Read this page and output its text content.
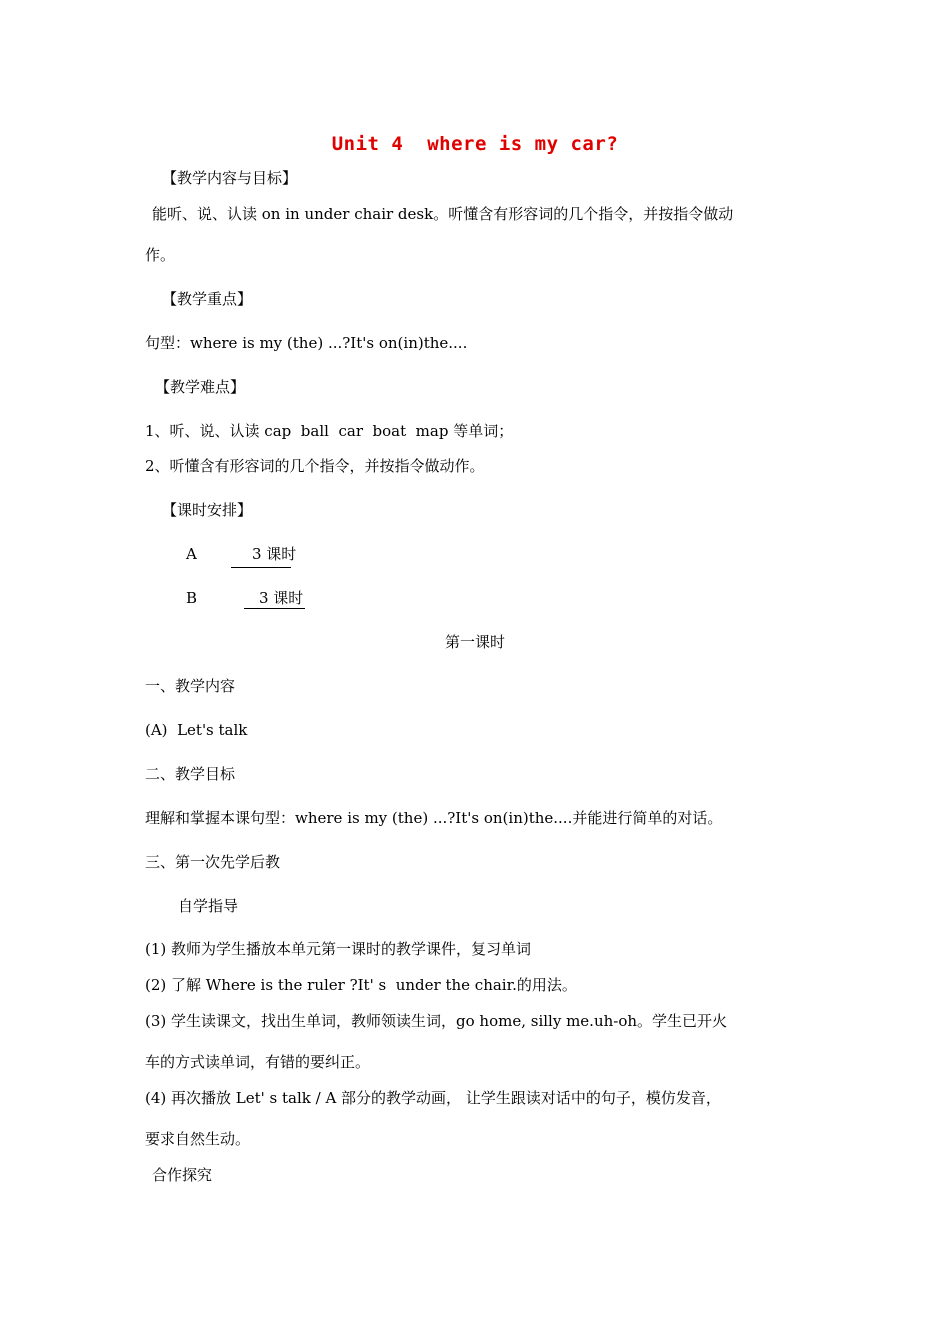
Unit 4  where is my car?
【教学内容与目标】
能听、说、认读 on in under chair desk。听懂含有形容词的几个指令，并按指令做动
作。
【教学重点】
句型：where is my (the) ...?It's on(in)the....
【教学难点】
1、听、说、认读 cap  ball  car  boat  map 等单词；
2、听懂含有形容词的几个指令，并按指令做动作。
【课时安排】
A	3 课时
B	3 课时
第一课时
一、教学内容
(A)  Let's talk
二、教学目标
理解和掌握本课句型：where is my (the) ...?It's on(in)the....并能进行简单的对话。
三、第一次先学后教
自学指导
(1) 教师为学生播放本单元第一课时的教学课件，复习单词
(2) 了解 Where is the ruler ?It' s  under the chair.的用法。
(3) 学生读课文，找出生单词，教师领读生词，go home, silly me.uh-oh。学生已开火
车的方式读单词，有错的要纠正。
(4) 再次播放 Let' s talk / A 部分的教学动画， 让学生跟读对话中的句子，模仿发音，
要求自然生动。
合作探究
